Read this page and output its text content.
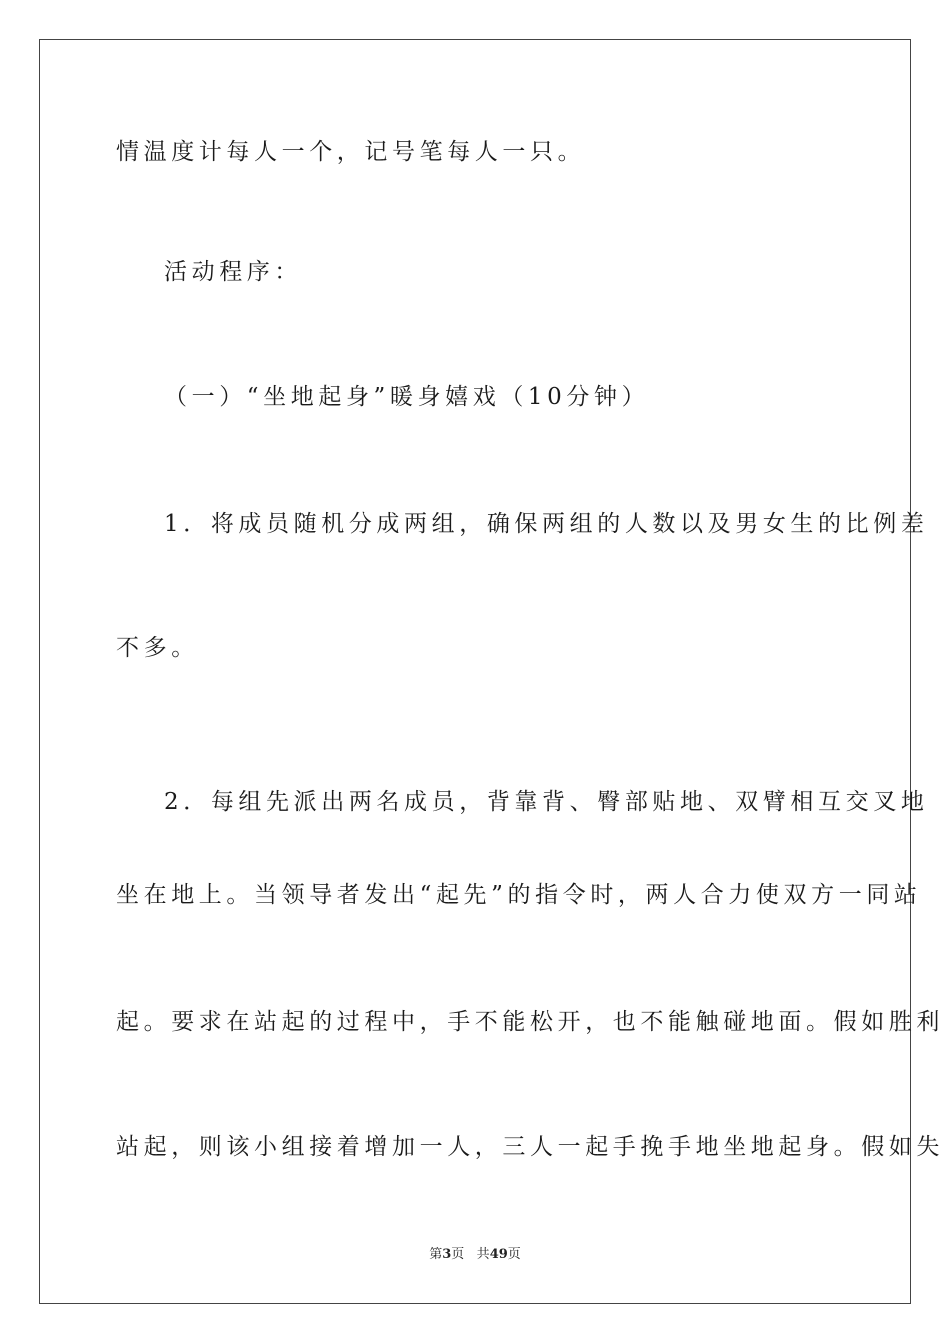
情温度计每人一个，记号笔每人一只。
活动程序：
（一）“坐地起身”暖身嬉戏（10分钟）
1．将成员随机分成两组，确保两组的人数以及男女生的比例差
不多。
2．每组先派出两名成员，背靠背、臀部贴地、双臂相互交叉地
坐在地上。当领导者发出“起先”的指令时，两人合力使双方一同站
起。要求在站起的过程中，手不能松开，也不能触碰地面。假如胜利
站起，则该小组接着增加一人，三人一起手挽手地坐地起身。假如失
第3页 共49页
